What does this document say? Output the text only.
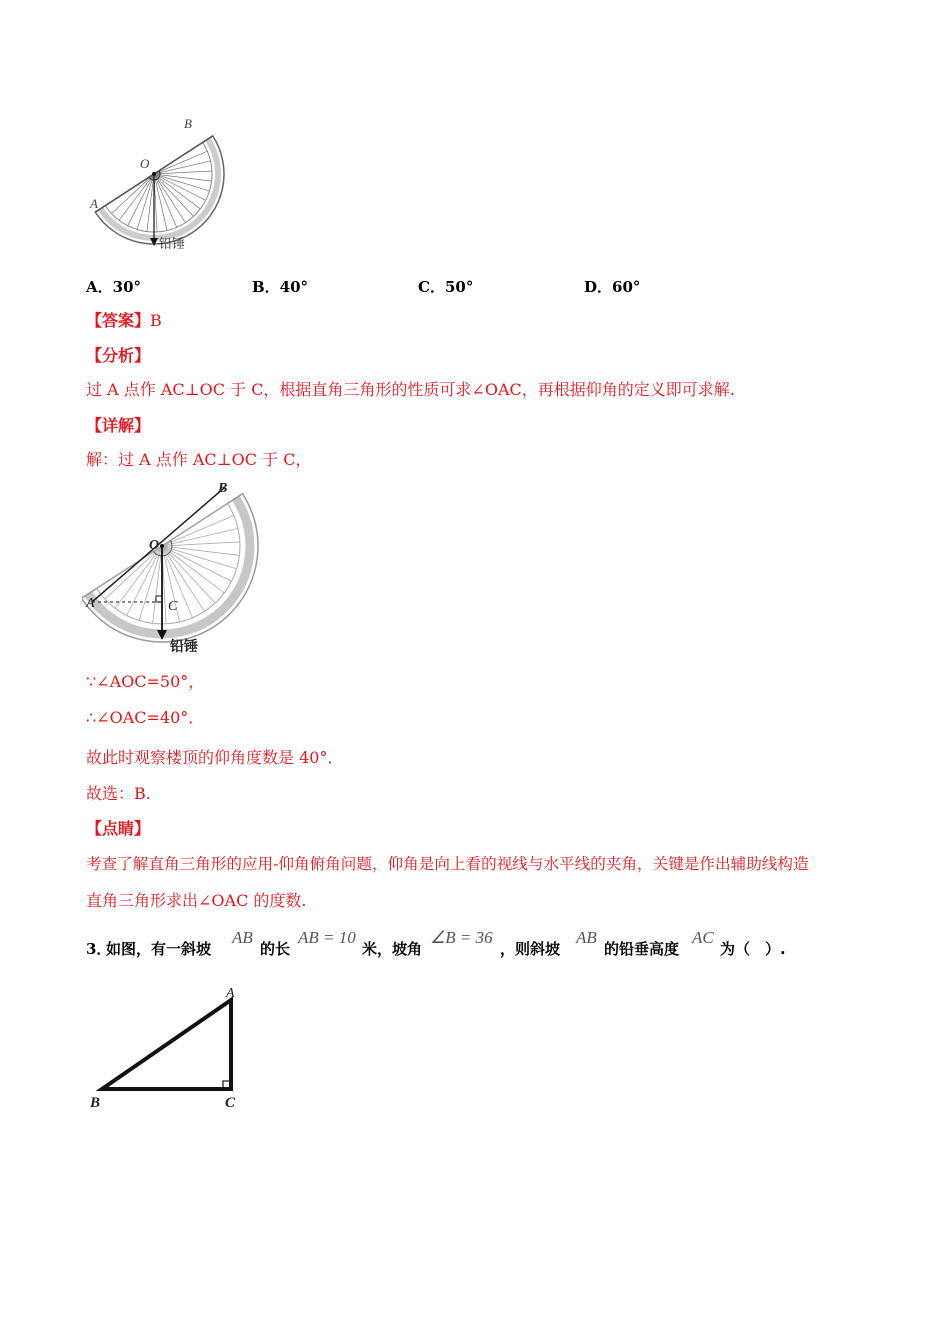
B
O
A
铅锤
A．30°	B．40°	C．50°	D．60°
【答案】B
【分析】
过 A 点作 AC⊥OC 于 C，根据直角三角形的性质可求∠OAC，再根据仰角的定义即可求解.
【详解】
解：过 A 点作 AC⊥OC 于 C，
B
O
A	C
铅锤
∵∠AOC=50°，
∴∠OAC=40°．
故此时观察楼顶的仰角度数是 40°．
故选：B.
【点睛】
考查了解直角三角形的应用-仰角俯角问题，仰角是向上看的视线与水平线的夹角，关键是作出辅助线构造
直角三角形求出∠OAC 的度数.
3．
如图，有一斜坡
AB
的长
AB = 10
米，坡角
∠B = 36
，则斜坡
AB
的铅垂高度
AC
为（　）.
A
B	C
